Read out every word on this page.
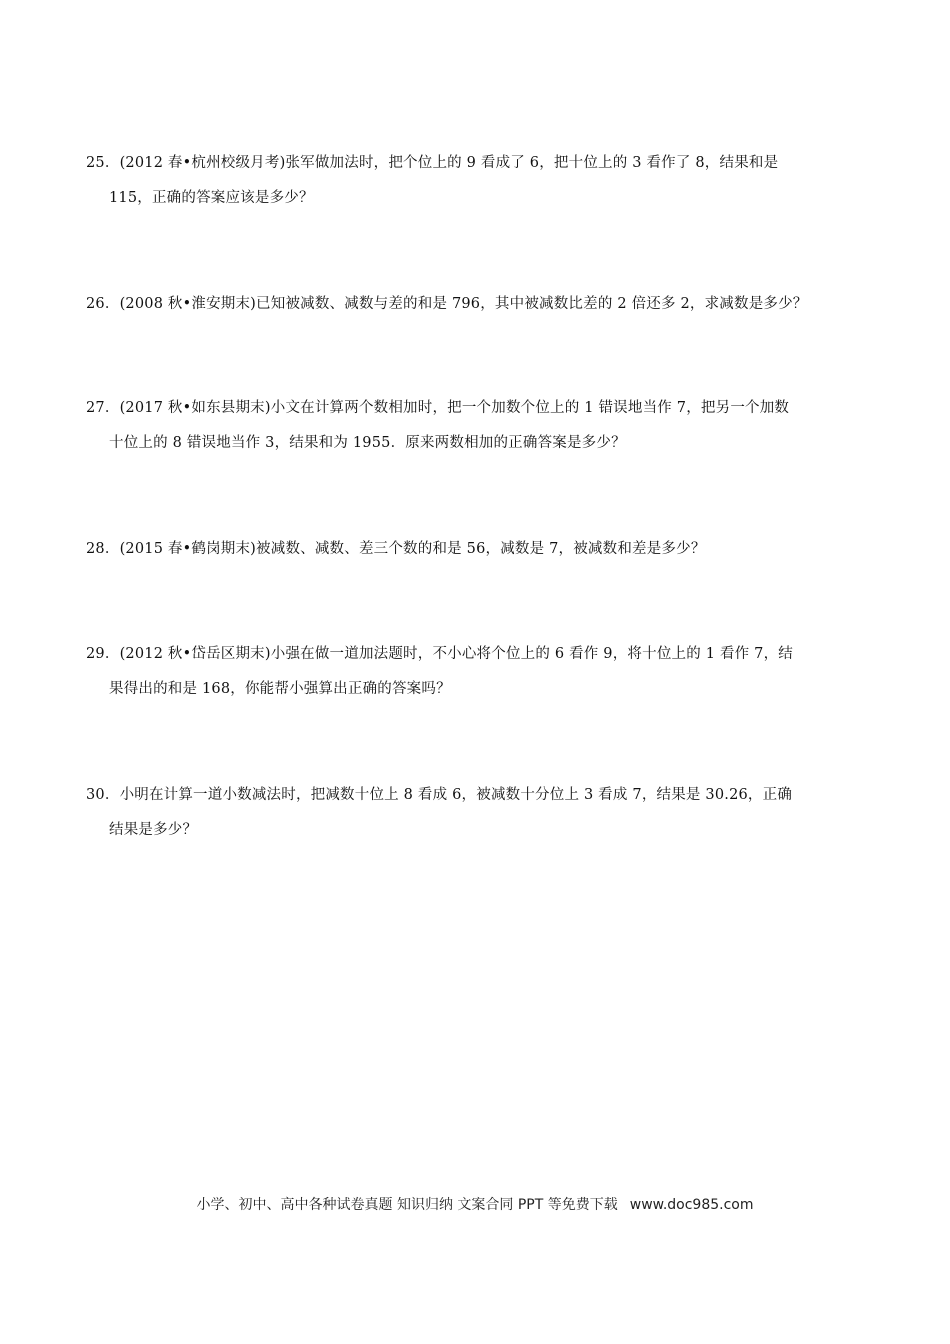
25．(2012 春•杭州校级月考)张军做加法时，把个位上的 9 看成了 6，把十位上的 3 看作了 8，结果和是
115，正确的答案应该是多少？
26．(2008 秋•淮安期末)已知被减数、减数与差的和是 796，其中被减数比差的 2 倍还多 2，求减数是多少？
27．(2017 秋•如东县期末)小文在计算两个数相加时，把一个加数个位上的 1 错误地当作 7，把另一个加数
十位上的 8 错误地当作 3，结果和为 1955．原来两数相加的正确答案是多少？
28．(2015 春•鹤岗期末)被减数、减数、差三个数的和是 56，减数是 7，被减数和差是多少？
29．(2012 秋•岱岳区期末)小强在做一道加法题时，不小心将个位上的 6 看作 9，将十位上的 1 看作 7，结
果得出的和是 168，你能帮小强算出正确的答案吗？
30．小明在计算一道小数减法时，把减数十位上 8 看成 6，被减数十分位上 3 看成 7，结果是 30.26，正确
结果是多少？
小学、初中、高中各种试卷真题 知识归纳 文案合同 PPT 等免费下载 www.doc985.com
